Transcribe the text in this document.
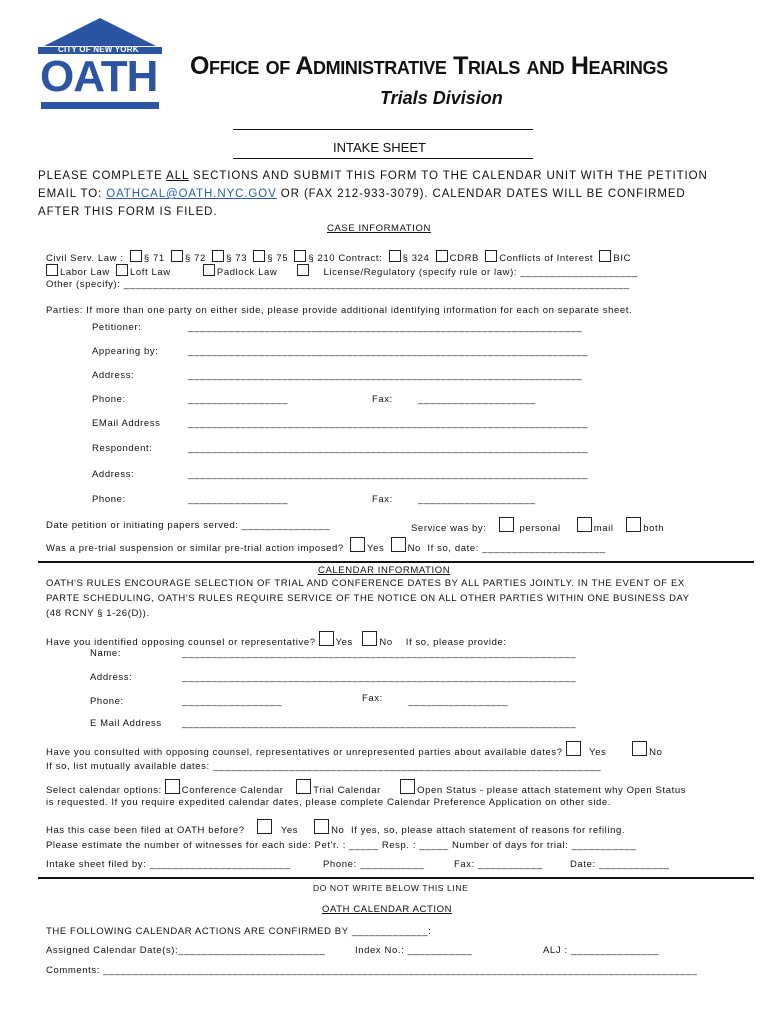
CITY OF NEW YORK
OATH Office of Administrative Trials and Hearings
Trials Division
INTAKE SHEET
PLEASE COMPLETE ALL SECTIONS AND SUBMIT THIS FORM TO THE CALENDAR UNIT WITH THE PETITION
EMAIL TO: OATHCAL@OATH.NYC.GOV OR (FAX 212-933-3079). CALENDAR DATES WILL BE CONFIRMED
AFTER THIS FORM IS FILED.
CASE INFORMATION
Civil Serv. Law : § 71 § 72 § 73 § 75 § 210 Contract: § 324 CDRB Conflicts of Interest BIC
Labor Law Loft Law	Padlock Law	License/Regulatory (specify rule or law): ____________________
Other (specify): ______________________________________________________________________________________
Parties: If more than one party on either side, please provide additional identifying information for each on separate sheet.
Petitioner:	___________________________________________________________________
Appearing by:	____________________________________________________________________
Address:	___________________________________________________________________
Phone:	_________________	Fax:	____________________
EMail Address	____________________________________________________________________
Respondent:	____________________________________________________________________
Address:	____________________________________________________________________
Phone:	_________________	Fax:	____________________
Date petition or initiating papers served: _______________	Service was by:	personal	mail	both
Was a pre-trial suspension or similar pre-trial action imposed? Yes No If so, date: _____________________
CALENDAR INFORMATION
OATH'S RULES ENCOURAGE SELECTION OF TRIAL AND CONFERENCE DATES BY ALL PARTIES JOINTLY. IN THE EVENT OF EX
PARTE SCHEDULING, OATH'S RULES REQUIRE SERVICE OF THE NOTICE ON ALL OTHER PARTIES WITHIN ONE BUSINESS DAY
(48 RCNY § 1-26(D)).
Have you identified opposing counsel or representative? Yes	No If so, please provide:
Name:	___________________________________________________________________
Address:	___________________________________________________________________
Phone:	_________________	Fax:	_________________
E Mail Address ___________________________________________________________________
Have you consulted with opposing counsel, representatives or unrepresented parties about available dates?	Yes	No
If so, list mutually available dates: __________________________________________________________________
Select calendar options: Conference Calendar	Trial Calendar	Open Status - please attach statement why Open Status
is requested. If you require expedited calendar dates, please complete Calendar Preference Application on other side.
Has this case been filed at OATH before?	Yes	No If yes, so, please attach statement of reasons for refiling.
Please estimate the number of witnesses for each side: Pet'r. : _____ Resp. : _____ Number of days for trial: ___________
Intake sheet filed by: ________________________	Phone: ___________	Fax: ___________	Date: ____________
DO NOT WRITE BELOW THIS LINE
OATH CALENDAR ACTION
THE FOLLOWING CALENDAR ACTIONS ARE CONFIRMED BY _____________:
Assigned Calendar Date(s):_________________________	Index No.: ___________	ALJ : _______________
Comments: _____________________________________________________________________________________________________
